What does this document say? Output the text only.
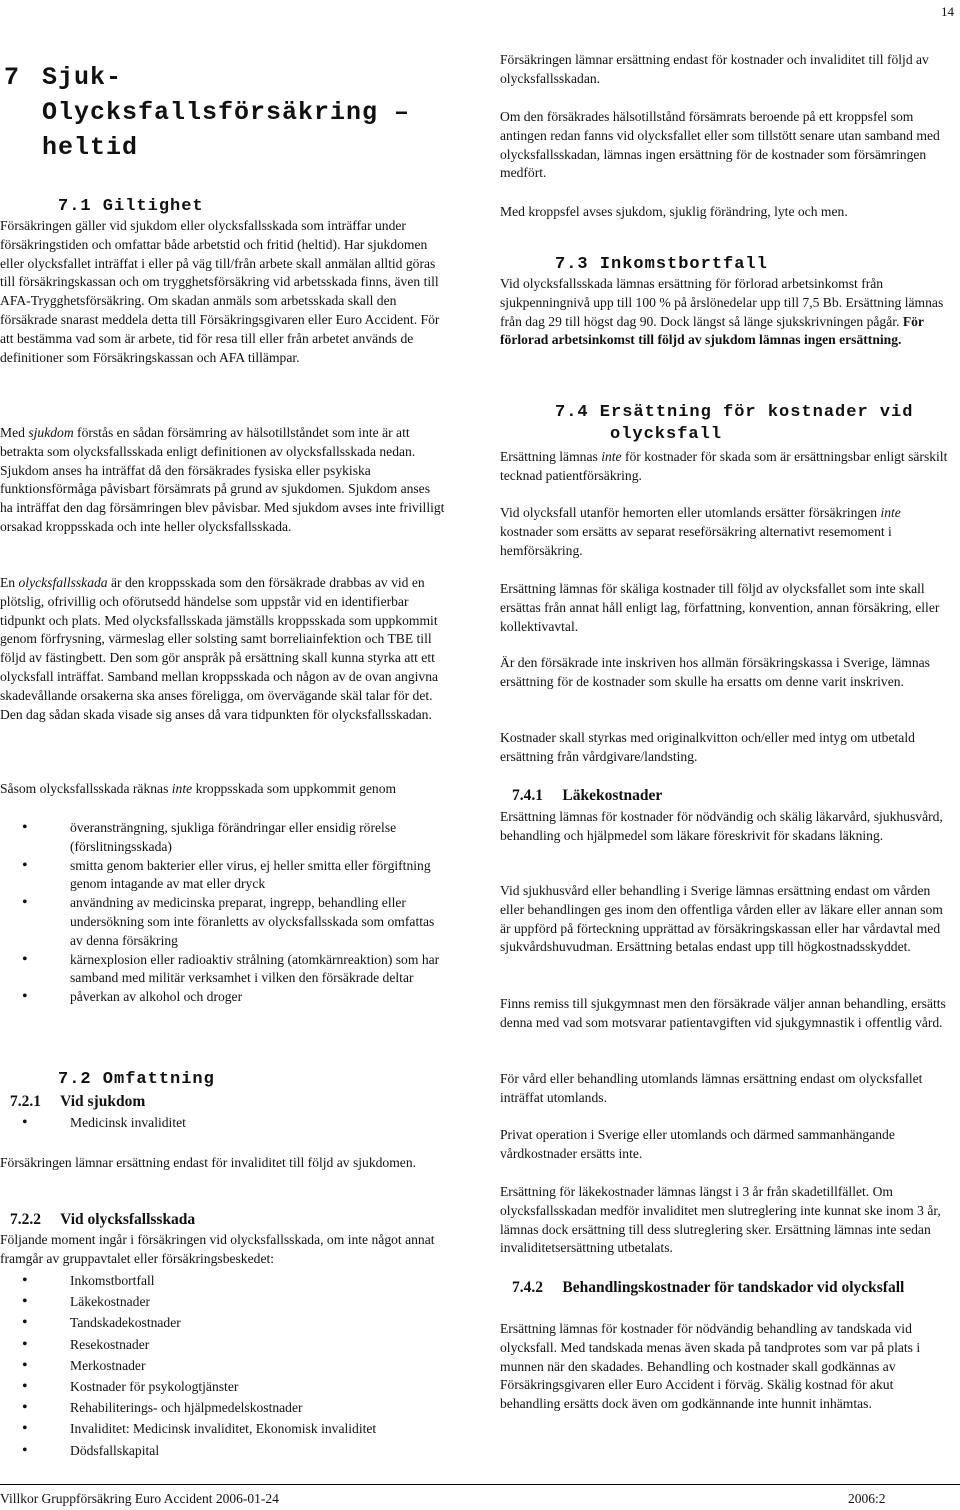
14
7 Sjuk-
Olycksfallsförsäkring –
heltid
7.1 Giltighet

Försäkringen gäller vid sjukdom eller olycksfallsskada som inträffar under försäkringstiden och omfattar både arbetstid och fritid (heltid). Har sjukdomen eller olycksfallet inträffat i eller på väg till/från arbete skall anmälan alltid göras till försäkringskassan och om trygghetsförsäkring vid arbetsskada finns, även till AFA-Trygghetsförsäkring. Om skadan anmäls som arbetsskada skall den försäkrade snarast meddela detta till Försäkringsgivaren eller Euro Accident. För att bestämma vad som är arbete, tid för resa till eller från arbetet används de definitioner som Försäkringskassan och AFA tillämpar.

Med sjukdom förstås en sådan försämring av hälsotillståndet som inte är att betrakta som olycksfallsskada enligt definitionen av olycksfallsskada nedan. Sjukdom anses ha inträffat då den försäkrades fysiska eller psykiska funktionsförmåga påvisbart försämrats på grund av sjukdomen. Sjukdom anses ha inträffat den dag försämringen blev påvisbar. Med sjukdom avses inte frivilligt orsakad kroppsskada och inte heller olycksfallsskada.

En olycksfallsskada är den kroppsskada som den försäkrade drabbas av vid en plötslig, ofrivillig och oförutsedd händelse som uppstår vid en identifierbar tidpunkt och plats. Med olycksfallsskada jämställs kroppsskada som uppkommit genom förfrysning, värmeslag eller solsting samt borreliainfektion och TBE till följd av fästingbett. Den som gör anspråk på ersättning skall kunna styrka att ett olycksfall inträffat. Samband mellan kroppsskada och någon av de ovan angivna skadevållande orsakerna ska anses föreligga, om övervägande skäl talar för det. Den dag sådan skada visade sig anses då vara tidpunkten för olycksfallsskadan.

Såsom olycksfallsskada räknas inte kroppsskada som uppkommit genom

• överansträngning, sjukliga förändringar eller ensidig rörelse (förslitningsskada)
• smitta genom bakterier eller virus, ej heller smitta eller förgiftning genom intagande av mat eller dryck
• användning av medicinska preparat, ingrepp, behandling eller undersökning som inte föranletts av olycksfallsskada som omfattas av denna försäkring
• kärnexplosion eller radioaktiv strålning (atomkärnreaktion) som har samband med militär verksamhet i vilken den försäkrade deltar
• påverkan av alkohol och droger
7.2 Omfattning
7.2.1     Vid sjukdom
• Medicinsk invaliditet

Försäkringen lämnar ersättning endast för invaliditet till följd av sjukdomen.

7.2.2     Vid olycksfallsskada

Följande moment ingår i försäkringen vid olycksfallsskada, om inte något annat framgår av gruppavtalet eller försäkringsbeskedet:

• Inkomstbortfall
• Läkekostnader
• Tandskadekostnader
• Resekostnader
• Merkostnader
• Kostnader för psykologtjänster
• Rehabiliterings- och hjälpmedelskostnader
• Invaliditet: Medicinsk invaliditet, Ekonomisk invaliditet
• Dödsfallskapital

Försäkringen lämnar ersättning endast för kostnader och invaliditet till följd av olycksfallsskadan.

Om den försäkrades hälsotillstånd försämrats beroende på ett kroppsfel som antingen redan fanns vid olycksfallet eller som tillstött senare utan samband med olycksfallsskadan, lämnas ingen ersättning för de kostnader som försämringen medfört.

Med kroppsfel avses sjukdom, sjuklig förändring, lyte och men.

7.3 Inkomstbortfall

Vid olycksfallsskada lämnas ersättning för förlorad arbetsinkomst från sjukpenningnivå upp till 100 % på årslönedelar upp till 7,5 Bb. Ersättning lämnas från dag 29 till högst dag 90. Dock längst så länge sjukskrivningen pågår. För förlorad arbetsinkomst till följd av sjukdom lämnas ingen ersättning.

7.4 Ersättning för kostnader vid
olycksfall

Ersättning lämnas inte för kostnader för skada som är ersättningsbar enligt särskilt tecknad patientförsäkring.

Vid olycksfall utanför hemorten eller utomlands ersätter försäkringen inte kostnader som ersätts av separat reseförsäkring alternativt resemoment i hemförsäkring.

Ersättning lämnas för skäliga kostnader till följd av olycksfallet som inte skall ersättas från annat håll enligt lag, författning, konvention, annan försäkring, eller kollektivavtal.

Är den försäkrade inte inskriven hos allmän försäkringskassa i Sverige, lämnas ersättning för de kostnader som skulle ha ersatts om denne varit inskriven.

Kostnader skall styrkas med originalkvitton och/eller med intyg om utbetald ersättning från vårdgivare/landsting.

7.4.1     Läkekostnader

Ersättning lämnas för kostnader för nödvändig och skälig läkarvård, sjukhusvård, behandling och hjälpmedel som läkare föreskrivit för skadans läkning.

Vid sjukhusvård eller behandling i Sverige lämnas ersättning endast om vården eller behandlingen ges inom den offentliga vården eller av läkare eller annan som är uppförd på förteckning upprättad av försäkringskassan eller har vårdavtal med sjukvårdshuvudman. Ersättning betalas endast upp till högkostnadsskyddet.

Finns remiss till sjukgymnast men den försäkrade väljer annan behandling, ersätts denna med vad som motsvarar patientavgiften vid sjukgymnastik i offentlig vård.

För vård eller behandling utomlands lämnas ersättning endast om olycksfallet inträffat utomlands.

Privat operation i Sverige eller utomlands och därmed sammanhängande vårdkostnader ersätts inte.

Ersättning för läkekostnader lämnas längst i 3 år från skadetillfället. Om olycksfallsskadan medför invaliditet men slutreglering inte kunnat ske inom 3 år, lämnas dock ersättning till dess slutreglering sker. Ersättning lämnas inte sedan invaliditetsersättning utbetalats.

7.4.2     Behandlingskostnader för tandskador vid olycksfall

Ersättning lämnas för kostnader för nödvändig behandling av tandskada vid olycksfall. Med tandskada menas även skada på tandprotes som var på plats i munnen när den skadades. Behandling och kostnader skall godkännas av Försäkringsgivaren eller Euro Accident i förväg. Skälig kostnad för akut behandling ersätts dock även om godkännande inte hunnit inhämtas.

Villkor Gruppförsäkring Euro Accident 2006-01-24	2006:2
